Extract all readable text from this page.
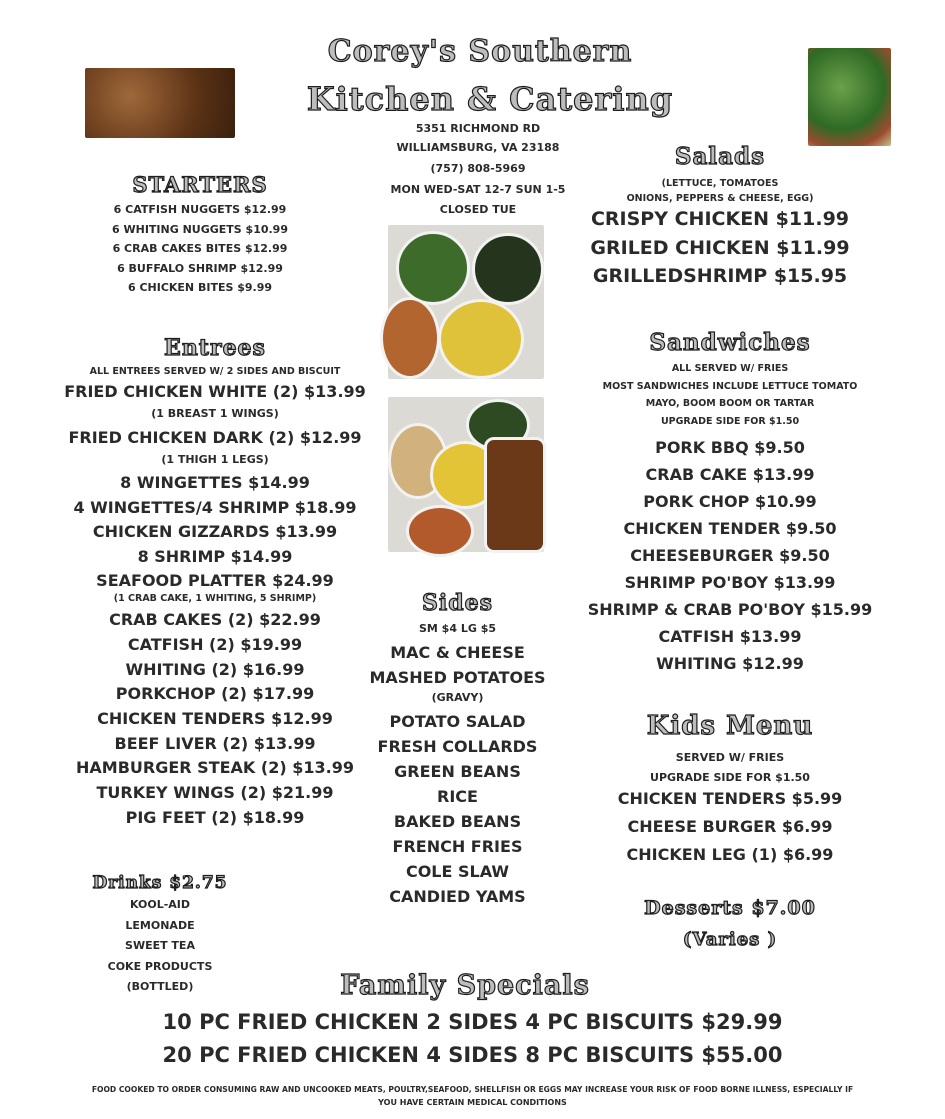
Corey's Southern
Kitchen & Catering
5351 RICHMOND RD
WILLIAMSBURG, VA 23188
(757) 808-5969
MON WED-SAT 12-7 SUN 1-5
CLOSED TUE
STARTERS
6 CATFISH NUGGETS $12.99
6 WHITING NUGGETS $10.99
6 CRAB CAKES BITES $12.99
6 BUFFALO SHRIMP $12.99
6 CHICKEN BITES $9.99
Entrees
ALL ENTREES SERVED W/ 2 SIDES AND BISCUIT
FRIED CHICKEN WHITE (2) $13.99
(1 BREAST 1 WINGS)
FRIED CHICKEN DARK (2) $12.99
(1 THIGH 1 LEGS)
8 WINGETTES $14.99
4 WINGETTES/4 SHRIMP $18.99
CHICKEN GIZZARDS $13.99
8 SHRIMP $14.99
SEAFOOD PLATTER $24.99
(1 CRAB CAKE, 1 WHITING, 5 SHRIMP)
CRAB CAKES (2) $22.99
CATFISH (2) $19.99
WHITING (2) $16.99
PORKCHOP (2) $17.99
CHICKEN TENDERS $12.99
BEEF LIVER (2) $13.99
HAMBURGER STEAK (2) $13.99
TURKEY WINGS (2) $21.99
PIG FEET (2) $18.99
Drinks $2.75
KOOL-AID
LEMONADE
SWEET TEA
COKE PRODUCTS
(BOTTLED)
Sides
SM $4 LG $5
MAC & CHEESE
MASHED POTATOES
(GRAVY)
POTATO SALAD
FRESH COLLARDS
GREEN BEANS
RICE
BAKED BEANS
FRENCH FRIES
COLE SLAW
CANDIED YAMS
Salads
(LETTUCE, TOMATOES
ONIONS, PEPPERS & CHEESE, EGG)
CRISPY CHICKEN $11.99
GRILED CHICKEN $11.99
GRILLEDSHRIMP $15.95
Sandwiches
ALL SERVED W/ FRIES
MOST SANDWICHES INCLUDE LETTUCE TOMATO
MAYO, BOOM BOOM OR TARTAR
UPGRADE SIDE FOR $1.50
PORK BBQ $9.50
CRAB CAKE $13.99
PORK CHOP $10.99
CHICKEN TENDER $9.50
CHEESEBURGER $9.50
SHRIMP PO'BOY $13.99
SHRIMP & CRAB PO'BOY $15.99
CATFISH $13.99
WHITING $12.99
Kids Menu
SERVED W/ FRIES
UPGRADE SIDE FOR $1.50
CHICKEN TENDERS $5.99
CHEESE BURGER $6.99
CHICKEN LEG (1) $6.99
Desserts $7.00
(Varies )
Family Specials
10 PC FRIED CHICKEN 2 SIDES 4 PC BISCUITS $29.99
20 PC FRIED CHICKEN 4 SIDES 8 PC BISCUITS $55.00
FOOD COOKED TO ORDER CONSUMING RAW AND UNCOOKED MEATS, POULTRY,SEAFOOD, SHELLFISH OR EGGS MAY INCREASE YOUR RISK OF FOOD BORNE ILLNESS, ESPECIALLY IF
YOU HAVE CERTAIN MEDICAL CONDITIONS
